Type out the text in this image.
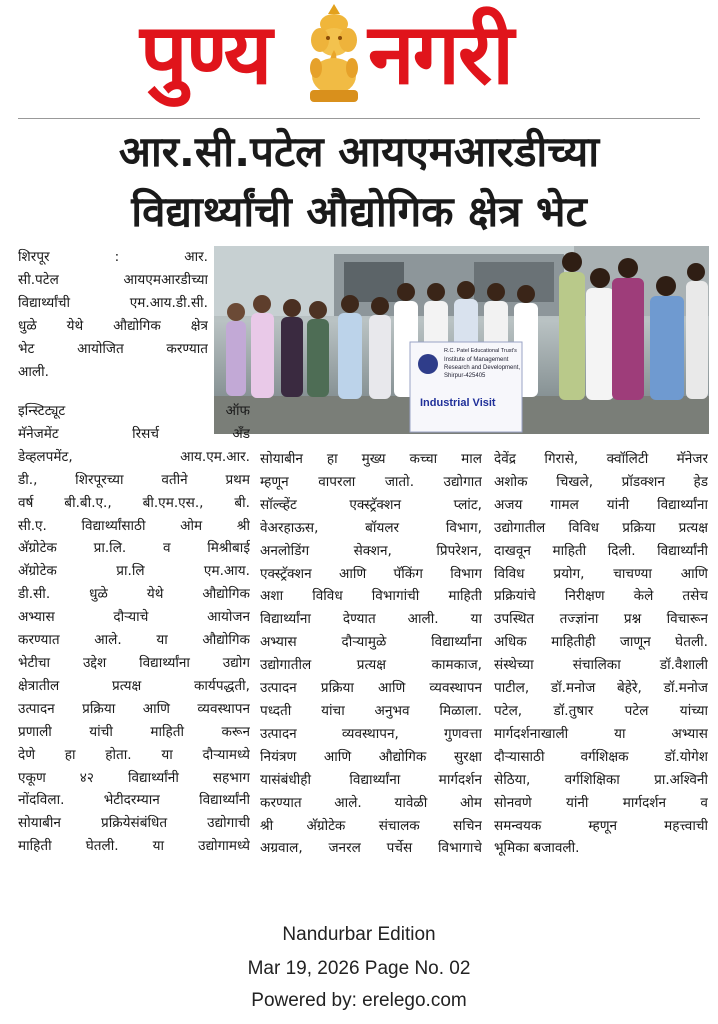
पुण्य नगरी
आर.सी.पटेल आयएमआरडीच्या
विद्यार्थ्यांची औद्योगिक क्षेत्र भेट
R.C. Patel Educational Trust's
Institute of Management
Research and Development,
Shirpur-425405
Industrial Visit
शिरपूर : आर.
सी.पटेल आयएमआरडीच्या
विद्यार्थ्यांची एम.आय.डी.सी.
धुळे येथे औद्योगिक क्षेत्र
भेट आयोजित करण्यात
आली.
इन्स्टिट्यूट ऑफ
मॅनेजमेंट रिसर्च अँड
डेव्हलपमेंट, आय.एम.आर.
डी., शिरपूरच्या वतीने प्रथम
वर्ष बी.बी.ए., बी.एम.एस., बी.
सी.ए. विद्यार्थ्यांसाठी ओम श्री
अ‍ॅग्रोटेक प्रा.लि. व मिश्रीबाई
अ‍ॅग्रोटेक प्रा.लि एम.आय.
डी.सी. धुळे येथे औद्योगिक
अभ्यास दौऱ्याचे आयोजन
करण्यात आले. या औद्योगिक
भेटीचा उद्देश विद्यार्थ्यांना उद्योग
क्षेत्रातील प्रत्यक्ष कार्यपद्धती,
उत्पादन प्रक्रिया आणि व्यवस्थापन
प्रणाली यांची माहिती करून
देणे हा होता. या दौऱ्यामध्ये
एकूण ४२ विद्यार्थ्यांनी सहभाग
नोंदविला. भेटीदरम्यान विद्यार्थ्यांनी
सोयाबीन प्रक्रियेसंबंधित उद्योगाची
माहिती घेतली. या उद्योगामध्ये
सोयाबीन हा मुख्य कच्चा माल
म्हणून वापरला जातो. उद्योगात
सॉल्व्हेंट एक्स्ट्रॅक्शन प्लांट,
वेअरहाऊस, बॉयलर विभाग,
अनलोडिंग सेक्शन, प्रिपरेशन,
एक्स्ट्रॅक्शन आणि पॅकिंग विभाग
अशा विविध विभागांची माहिती
विद्यार्थ्यांना देण्यात आली. या
अभ्यास दौऱ्यामुळे विद्यार्थ्यांना
उद्योगातील प्रत्यक्ष कामकाज,
उत्पादन प्रक्रिया आणि व्यवस्थापन
पध्दती यांचा अनुभव मिळाला.
उत्पादन व्यवस्थापन, गुणवत्ता
नियंत्रण आणि औद्योगिक सुरक्षा
यासंबंधीही विद्यार्थ्यांना मार्गदर्शन
करण्यात आले. यावेळी ओम
श्री अ‍ॅग्रोटेक संचालक सचिन
अग्रवाल, जनरल पर्चेस विभागाचे
देवेंद्र गिरासे, क्वॉलिटी मॅनेजर
अशोक चिखले, प्रॉडक्शन हेड
अजय गामल यांनी विद्यार्थ्यांना
उद्योगातील विविध प्रक्रिया प्रत्यक्ष
दाखवून माहिती दिली. विद्यार्थ्यांनी
विविध प्रयोग, चाचण्या आणि
प्रक्रियांचे निरीक्षण केले तसेच
उपस्थित तज्ज्ञांना प्रश्न विचारून
अधिक माहितीही जाणून घेतली.
संस्थेच्या संचालिका डॉ.वैशाली
पाटील, डॉ.मनोज बेहेरे, डॉ.मनोज
पटेल, डॉ.तुषार पटेल यांच्या
मार्गदर्शनाखाली या अभ्यास
दौऱ्यासाठी वर्गशिक्षक डॉ.योगेश
सेठिया, वर्गशिक्षिका प्रा.अश्विनी
सोनवणे यांनी मार्गदर्शन व
समन्वयक म्हणून महत्त्वाची
भूमिका बजावली.
Nandurbar Edition
Mar 19, 2026 Page No. 02
Powered by: erelego.com
